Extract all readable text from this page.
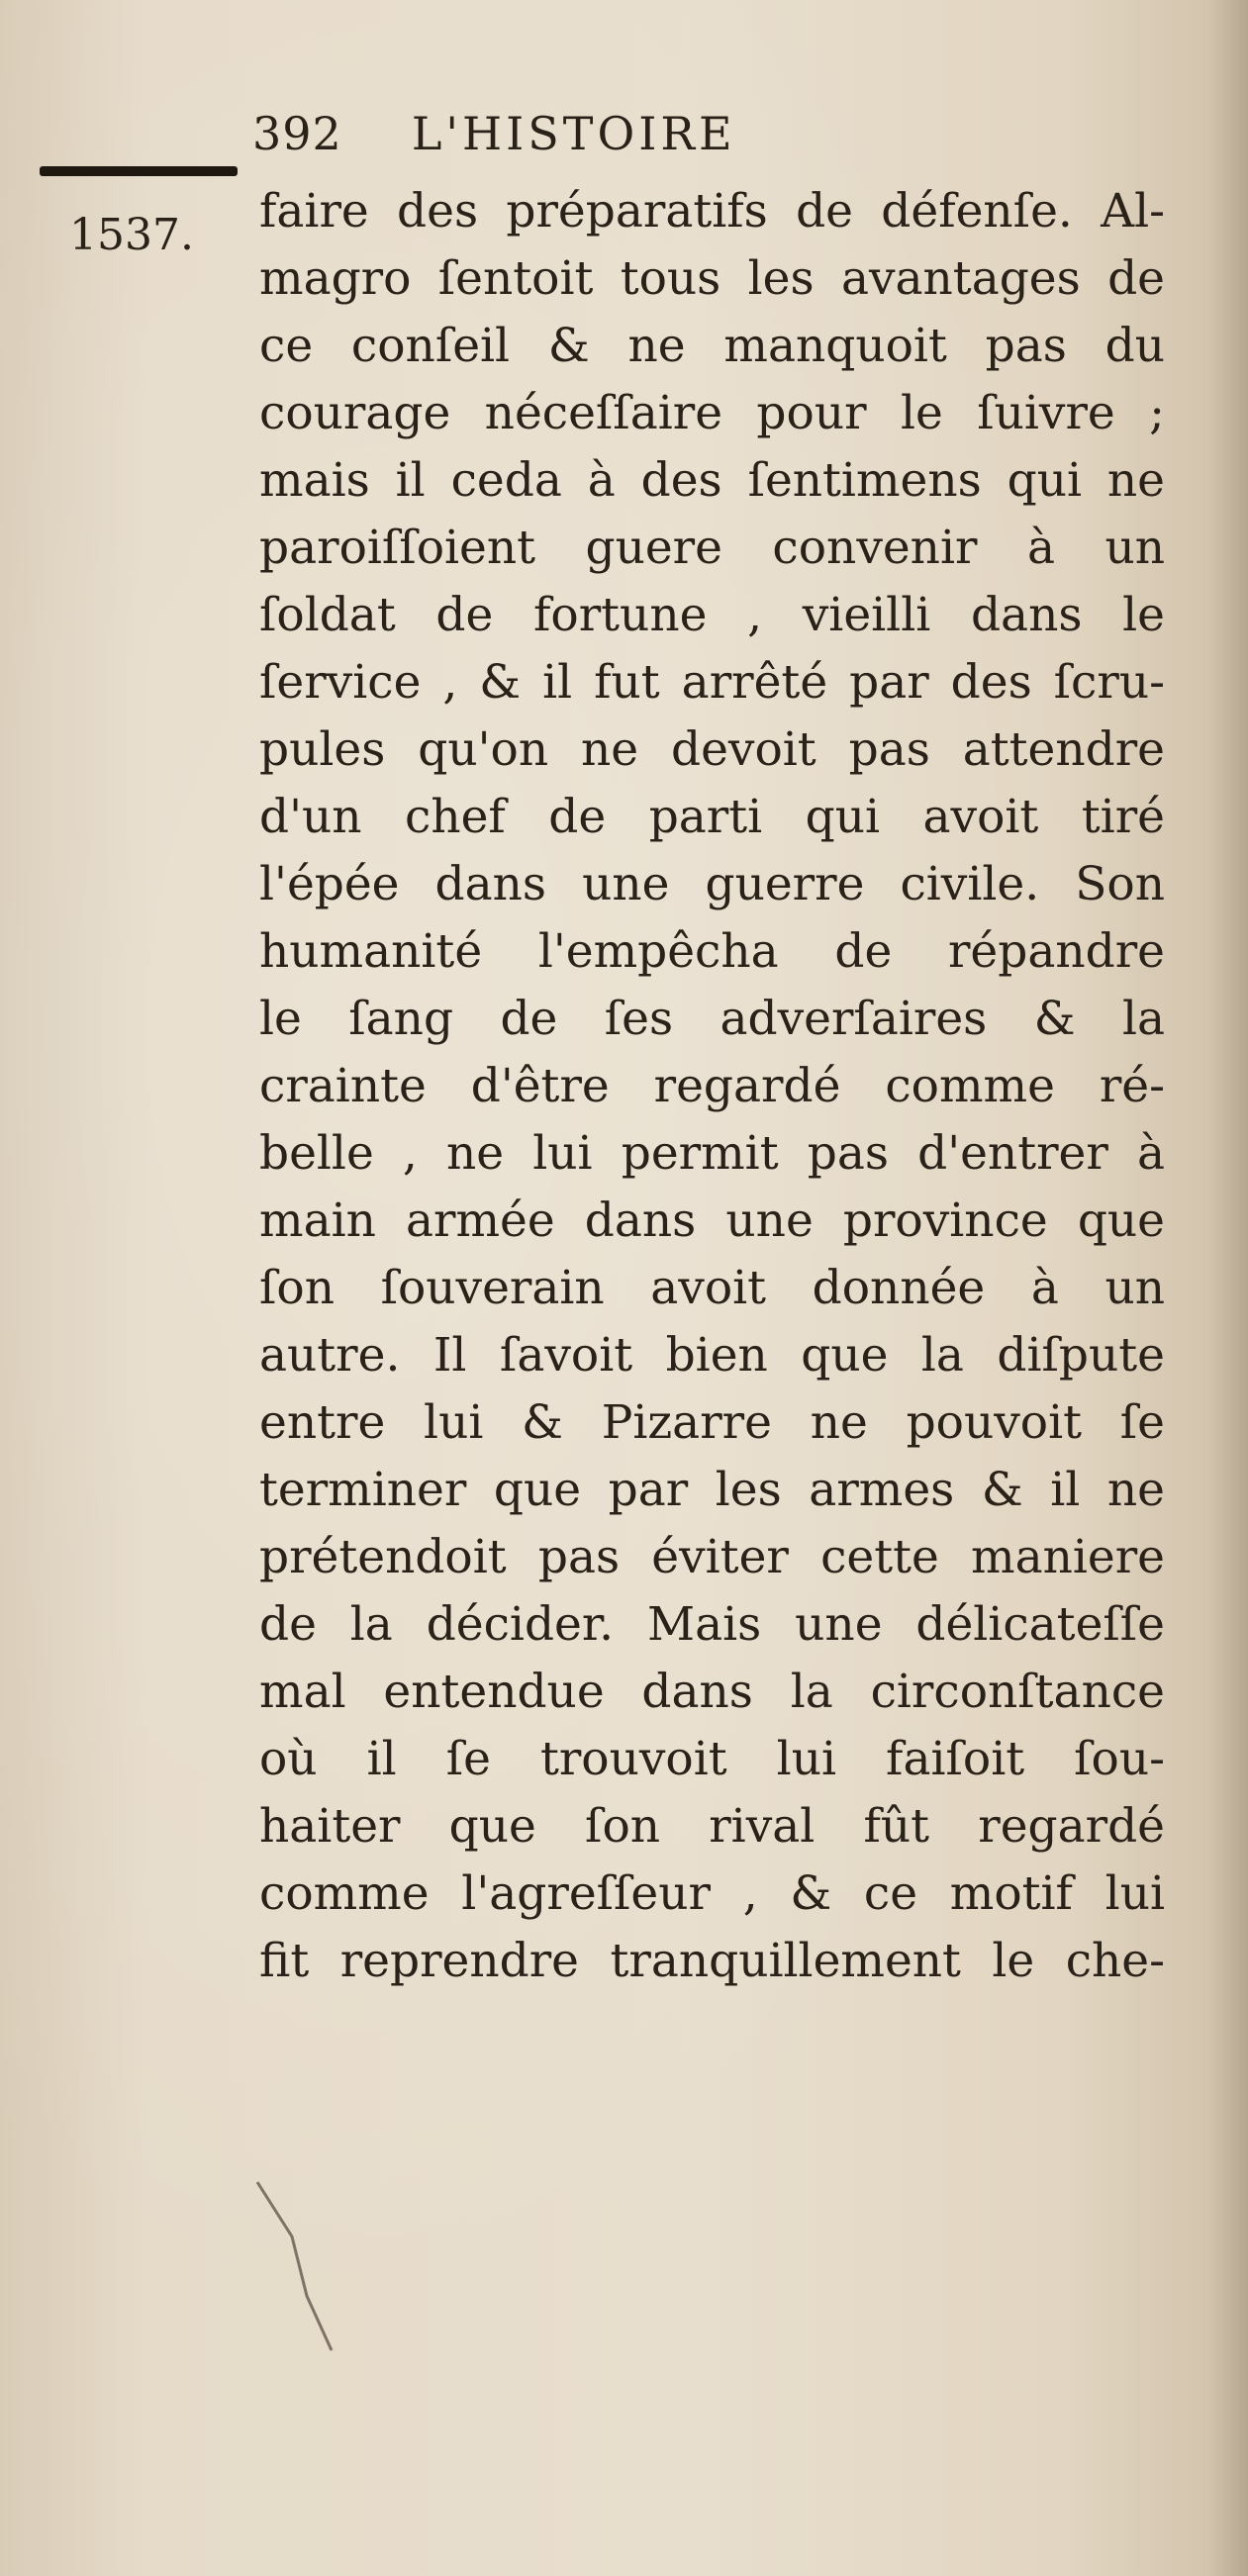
392 L'HISTOIRE
1537. faire des préparatifs de défenſe. Al-
magro ſentoit tous les avantages de
ce conſeil & ne manquoit pas du
courage néceſſaire pour le ſuivre ;
mais il ceda à des ſentimens qui ne
paroiſſoient guere convenir à un
ſoldat de fortune , vieilli dans le
ſervice , & il fut arrêté par des ſcru-
pules qu'on ne devoit pas attendre
d'un chef de parti qui avoit tiré
l'épée dans une guerre civile. Son
humanité l'empêcha de répandre
le ſang de ſes adverſaires & la
crainte d'être regardé comme ré-
belle , ne lui permit pas d'entrer à
main armée dans une province que
ſon ſouverain avoit donnée à un
autre. Il ſavoit bien que la diſpute
entre lui & Pizarre ne pouvoit ſe
terminer que par les armes & il ne
prétendoit pas éviter cette maniere
de la décider. Mais une délicateſſe
mal entendue dans la circonſtance
où il ſe trouvoit lui faiſoit ſou-
haiter que ſon rival fût regardé
comme l'agreſſeur , & ce motif lui
fit reprendre tranquillement le che-
